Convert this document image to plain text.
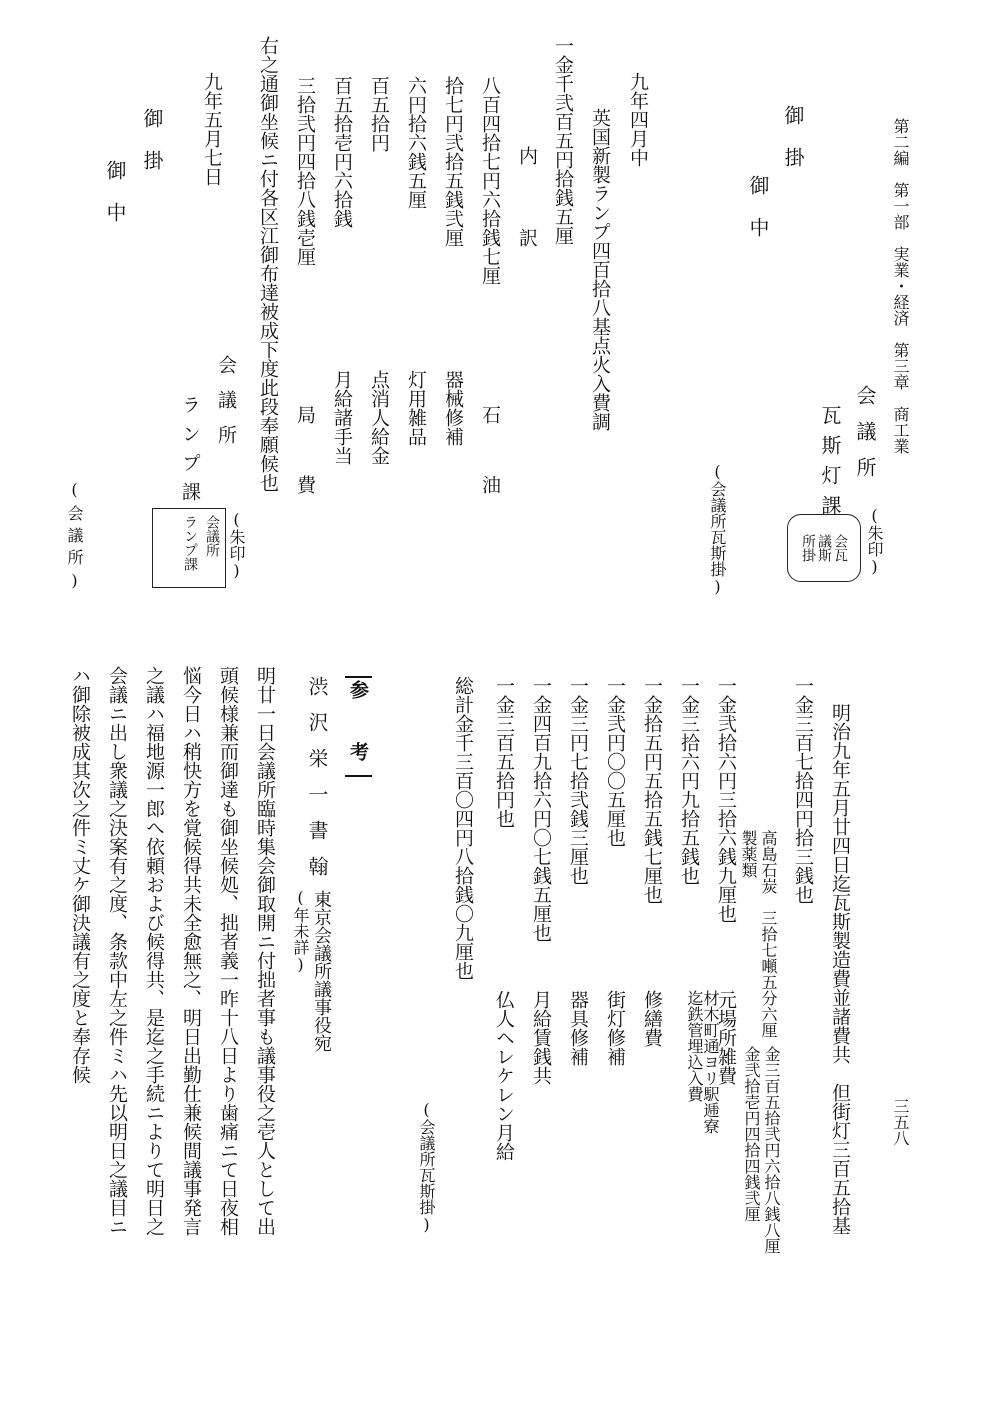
第二編　第一部　実業・経済　第三章　商工業
三五八
御掛
御中
会議所
瓦斯灯課
(朱印)
会瓦
議斯
所掛
(会議所瓦斯掛)
九年四月中
英国新製ランプ四百拾八基点火入費調
一金千弐百五円拾銭五厘
内　訳
八百四拾七円六拾銭七厘
石　油
拾七円弐拾五銭弐厘
器械修補
六円拾六銭五厘
灯用雑品
百五拾円
点消人給金
百五拾壱円六拾銭
月給諸手当
三拾弐円四拾八銭壱厘
局　費
右之通御坐候ニ付各区江御布達被成下度此段奉願候也
九年五月七日
会議所
ランプ課
(朱印)
会議所
ランプ課
御掛
御中
(会議所)
明治九年五月廿四日迄瓦斯製造費並諸費共　但街灯三百五拾基
一金三百七拾四円拾三銭也
高島石炭　三拾七噸五分六厘
製薬類
金三百五拾弐円六拾八銭八厘
金弐拾壱円四拾四銭弐厘
一金弐拾六円三拾六銭九厘也
元場所雑費
一金三拾六円九拾五銭也
材木町通ヨリ駅逓寮迄鉄管埋込入費
一金拾五円五拾五銭七厘也
修繕費
一金弐円〇〇五厘也
街灯修補
一金三円七拾弐銭三厘也
器具修補
一金四百九拾六円〇七銭五厘也
月給賃銭共
一金三百五拾円也
仏人ヘレケレン月給
総計金千三百〇四円八拾銭〇九厘也
(会議所瓦斯掛)
参　考
渋沢栄一書翰
東京会議所議事役宛
(年未詳)
明廿一日会議所臨時集会御取開ニ付拙者事も議事役之壱人として出
頭候様兼而御達も御坐候処、拙者義一昨十八日より歯痛ニて日夜相
悩今日ハ稍快方を覚候得共未全愈無之、明日出勤仕兼候間議事発言
之議ハ福地源一郎へ依頼および候得共、是迄之手続ニよりて明日之
会議ニ出し衆議之決案有之度、条款中左之件ミハ先以明日之議目ニ
ハ御除被成其次之件ミ丈ケ御決議有之度と奉存候
